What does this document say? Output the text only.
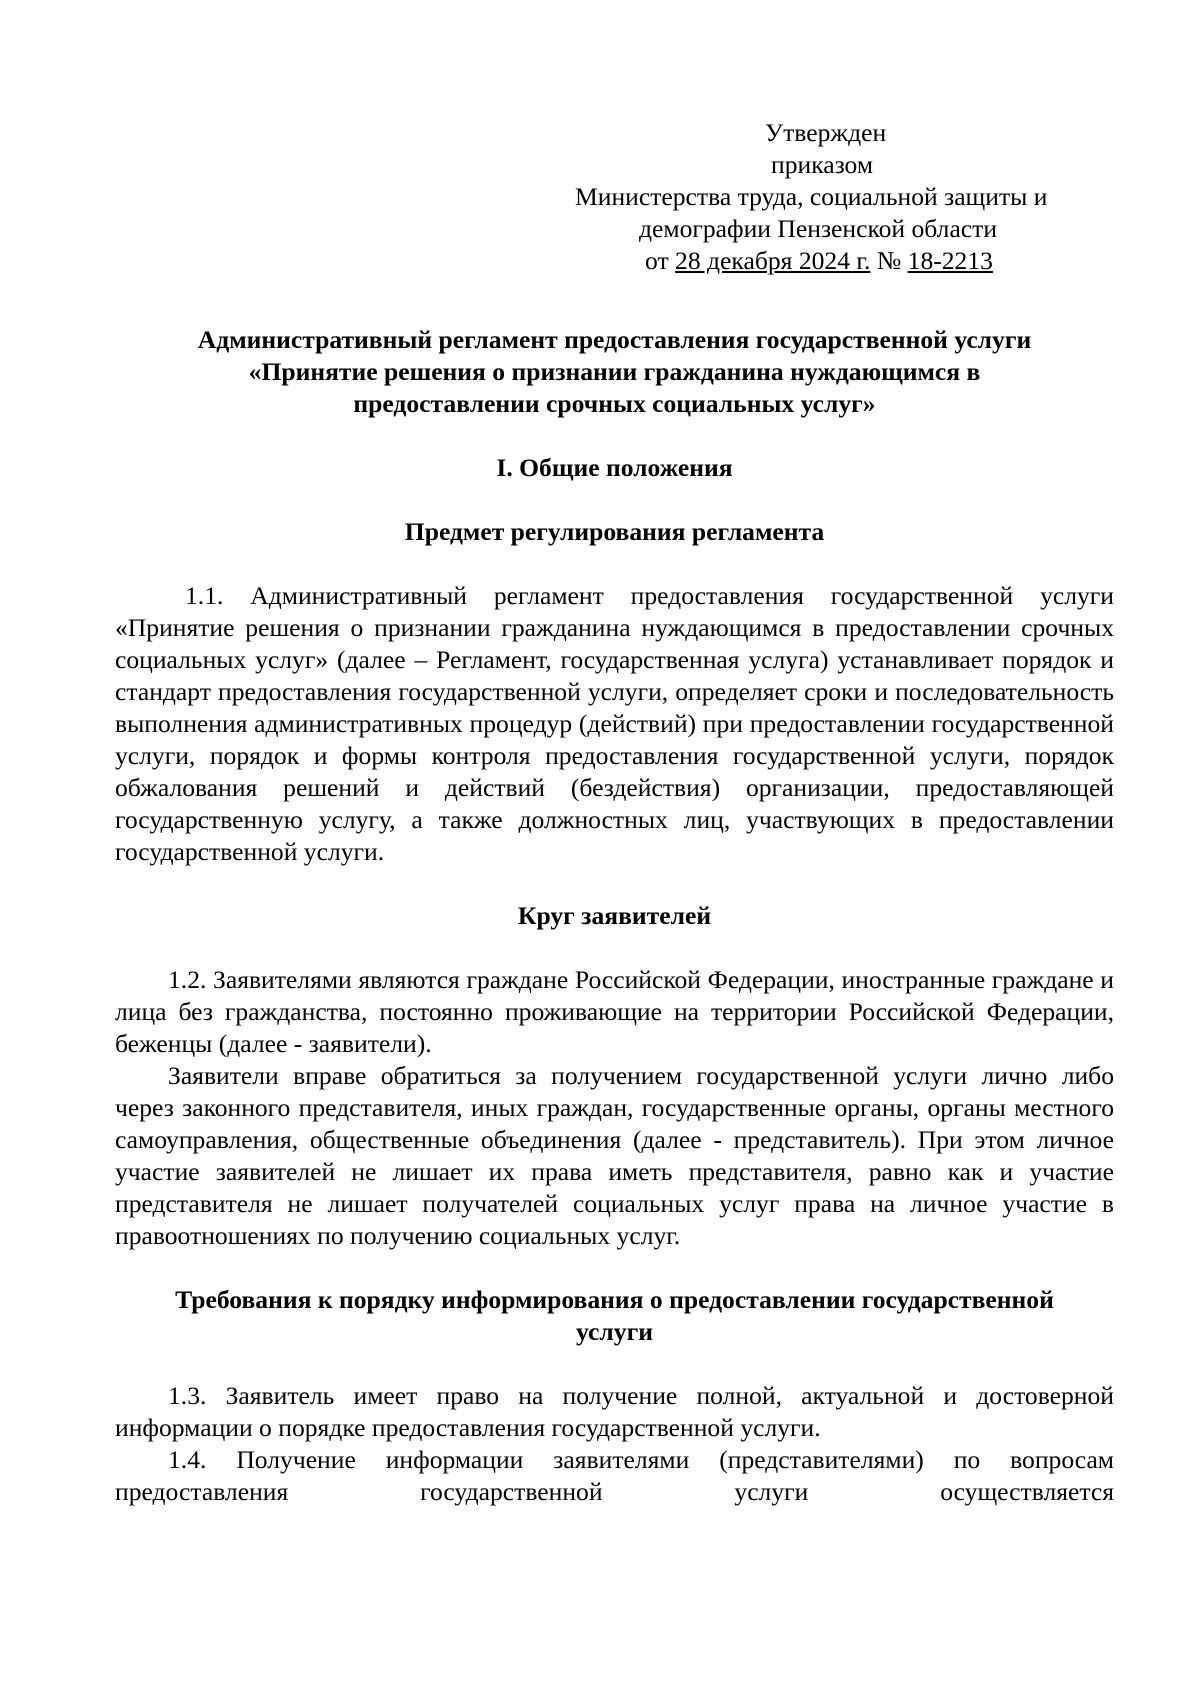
Утвержден
приказом
Министерства труда, социальной защиты и
демографии Пензенской области
от 28 декабря 2024 г. № 18-2213
Административный регламент предоставления государственной услуги
«Принятие решения о признании гражданина нуждающимся в
предоставлении срочных социальных услуг»
I. Общие положения
Предмет регулирования регламента

1.1. Административный регламент предоставления государственной услуги «Принятие решения о признании гражданина нуждающимся в предоставлении срочных социальных услуг» (далее – Регламент, государственная услуга) устанавливает порядок и стандарт предоставления государственной услуги, определяет сроки и последовательность выполнения административных процедур (действий) при предоставлении государственной услуги, порядок и формы контроля предоставления государственной услуги, порядок обжалования решений и действий (бездействия) организации, предоставляющей государственную услугу, а также должностных лиц, участвующих в предоставлении государственной услуги.

Круг заявителей

1.2. Заявителями являются граждане Российской Федерации, иностранные граждане и лица без гражданства, постоянно проживающие на территории Российской Федерации, беженцы (далее - заявители).

Заявители вправе обратиться за получением государственной услуги лично либо через законного представителя, иных граждан, государственные органы, органы местного самоуправления, общественные объединения (далее - представитель). При этом личное участие заявителей не лишает их права иметь представителя, равно как и участие представителя не лишает получателей социальных услуг права на личное участие в правоотношениях по получению социальных услуг.

Требования к порядку информирования о предоставлении государственной
услуги

1.3. Заявитель имеет право на получение полной, актуальной и достоверной информации о порядке предоставления государственной услуги.

1.4. Получение информации заявителями (представителями) по вопросам предоставления государственной услуги осуществляется
